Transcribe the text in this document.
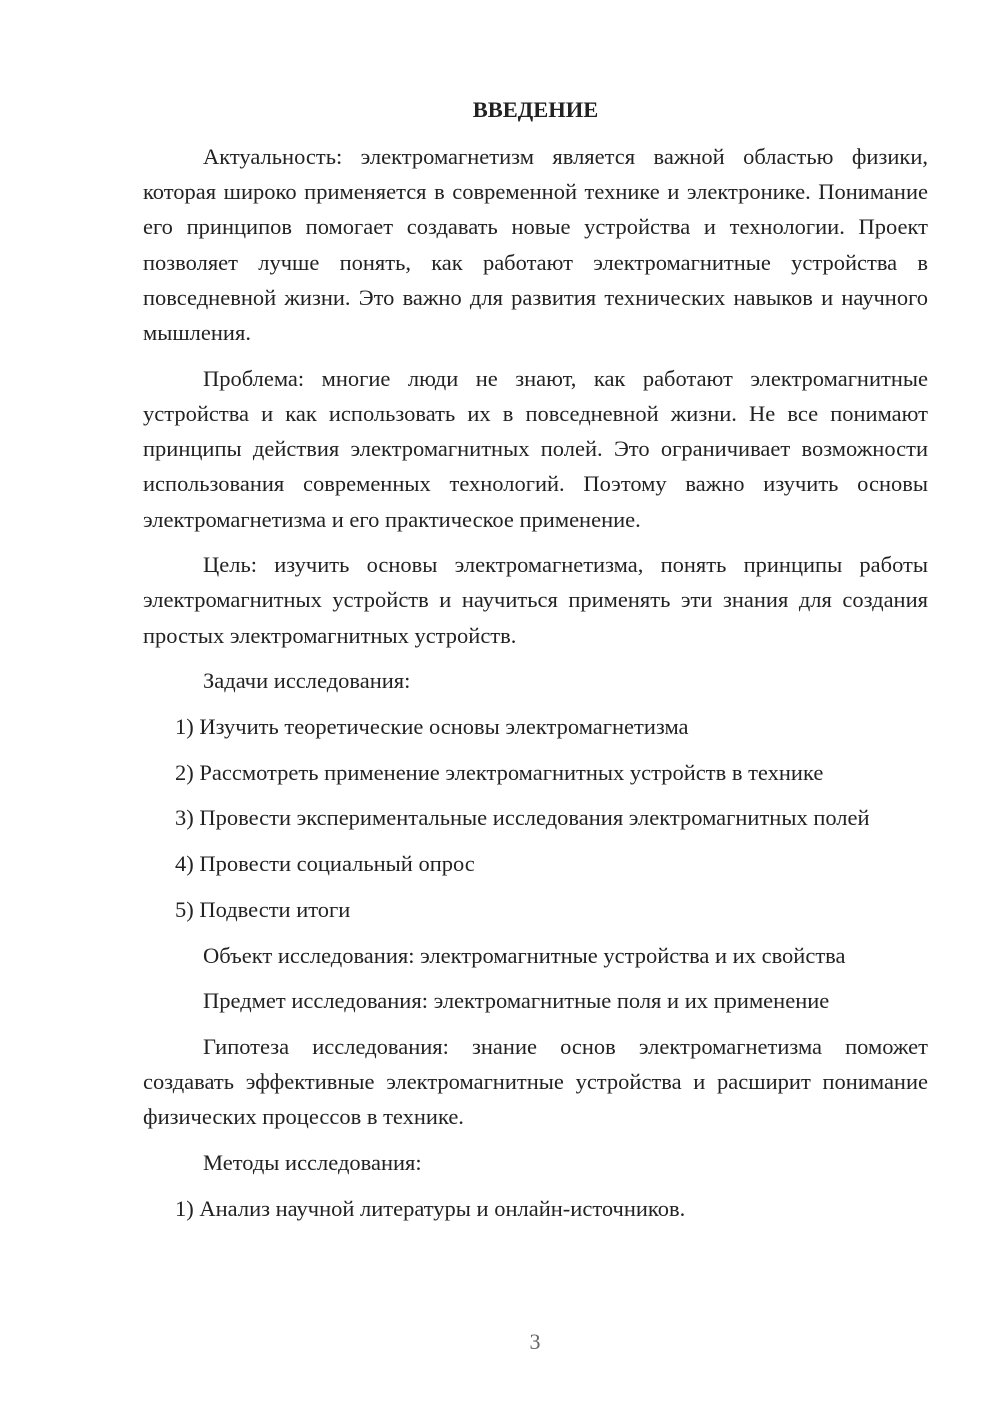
ВВЕДЕНИЕ
Актуальность: электромагнетизм является важной областью физики, которая широко применяется в современной технике и электронике. Понимание его принципов помогает создавать новые устройства и технологии. Проект позволяет лучше понять, как работают электромагнитные устройства в повседневной жизни. Это важно для развития технических навыков и научного мышления.
Проблема: многие люди не знают, как работают электромагнитные устройства и как использовать их в повседневной жизни. Не все понимают принципы действия электромагнитных полей. Это ограничивает возможности использования современных технологий. Поэтому важно изучить основы электромагнетизма и его практическое применение.
Цель: изучить основы электромагнетизма, понять принципы работы электромагнитных устройств и научиться применять эти знания для создания простых электромагнитных устройств.
Задачи исследования:
1) Изучить теоретические основы электромагнетизма
2) Рассмотреть применение электромагнитных устройств в технике
3) Провести экспериментальные исследования электромагнитных полей
4) Провести социальный опрос
5) Подвести итоги
Объект исследования: электромагнитные устройства и их свойства
Предмет исследования: электромагнитные поля и их применение
Гипотеза исследования: знание основ электромагнетизма поможет создавать эффективные электромагнитные устройства и расширит понимание физических процессов в технике.
Методы исследования:
1) Анализ научной литературы и онлайн-источников.
3
